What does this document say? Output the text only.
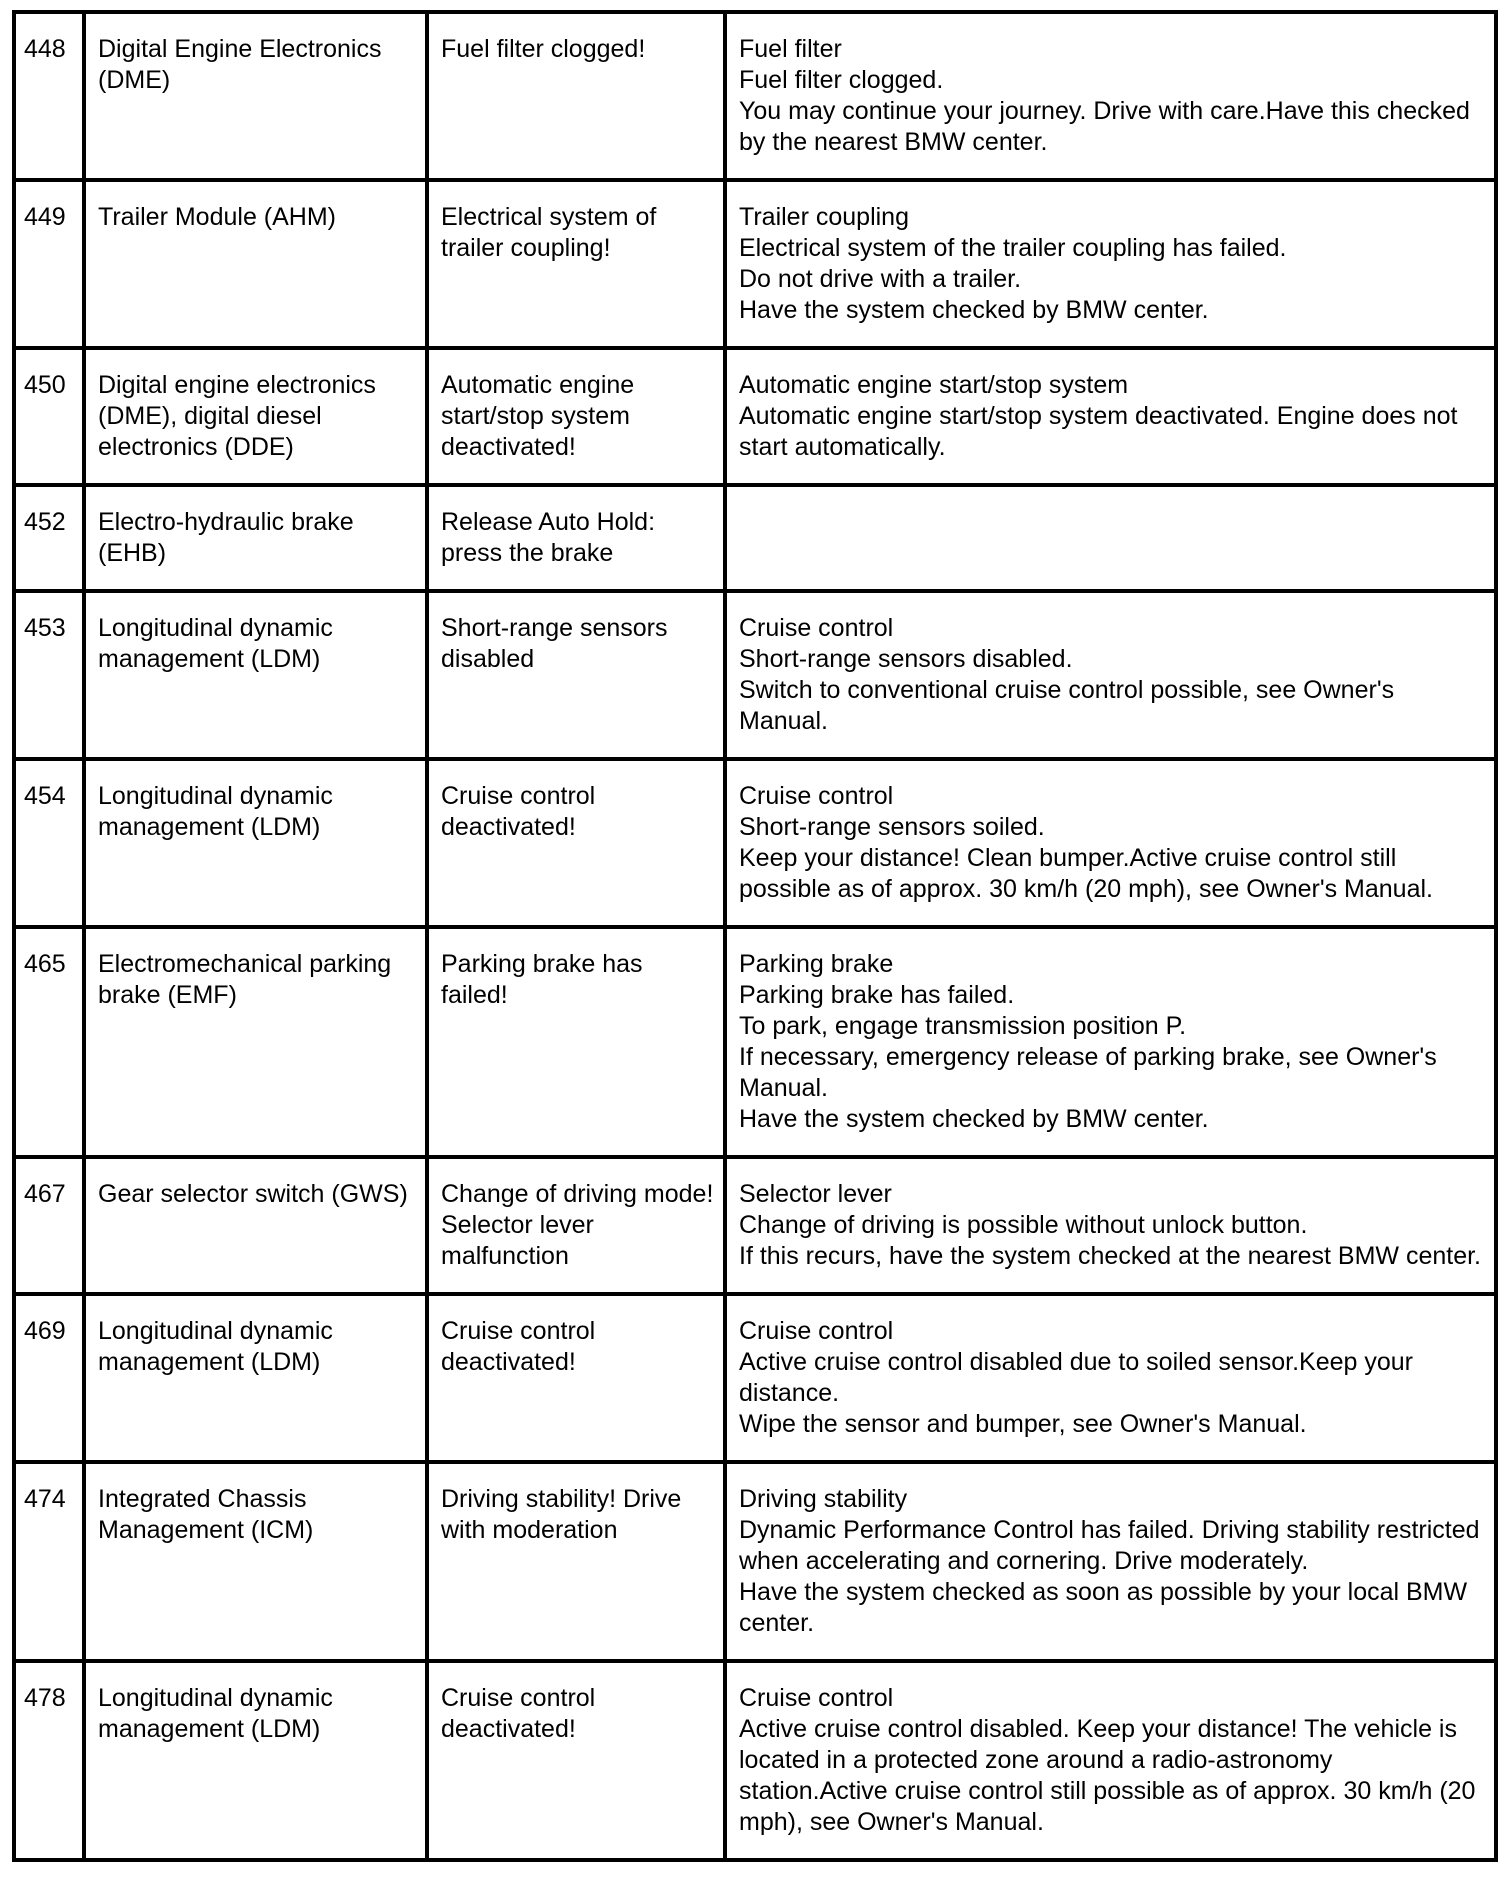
448	Digital Engine Electronics (DME)	Fuel filter clogged!	Fuel filter
Fuel filter clogged.
You may continue your journey. Drive with care.Have this checked by the nearest BMW center.
449	Trailer Module (AHM)	Electrical system of trailer coupling!	Trailer coupling
Electrical system of the trailer coupling has failed.
Do not drive with a trailer.
Have the system checked by BMW center.
450	Digital engine electronics (DME), digital diesel electronics (DDE)	Automatic engine start/stop system deactivated!	Automatic engine start/stop system
Automatic engine start/stop system deactivated. Engine does not start automatically.
452	Electro-hydraulic brake (EHB)	Release Auto Hold: press the brake	
453	Longitudinal dynamic management (LDM)	Short-range sensors disabled	Cruise control
Short-range sensors disabled.
Switch to conventional cruise control possible, see Owner's Manual.
454	Longitudinal dynamic management (LDM)	Cruise control deactivated!	Cruise control
Short-range sensors soiled.
Keep your distance! Clean bumper.Active cruise control still possible as of approx. 30 km/h (20 mph), see Owner's Manual.
465	Electromechanical parking brake (EMF)	Parking brake has failed!	Parking brake
Parking brake has failed.
To park, engage transmission position P.
If necessary, emergency release of parking brake, see Owner's Manual.
Have the system checked by BMW center.
467	Gear selector switch (GWS)	Change of driving mode! Selector lever malfunction	Selector lever
Change of driving is possible without unlock button.
If this recurs, have the system checked at the nearest BMW center.
469	Longitudinal dynamic management (LDM)	Cruise control deactivated!	Cruise control
Active cruise control disabled due to soiled sensor.Keep your distance.
Wipe the sensor and bumper, see Owner's Manual.
474	Integrated Chassis Management (ICM)	Driving stability! Drive with moderation	Driving stability
Dynamic Performance Control has failed. Driving stability restricted when accelerating and cornering. Drive moderately.
Have the system checked as soon as possible by your local BMW center.
478	Longitudinal dynamic management (LDM)	Cruise control deactivated!	Cruise control
Active cruise control disabled. Keep your distance! The vehicle is located in a protected zone around a radio-astronomy station.Active cruise control still possible as of approx. 30 km/h (20 mph), see Owner's Manual.
